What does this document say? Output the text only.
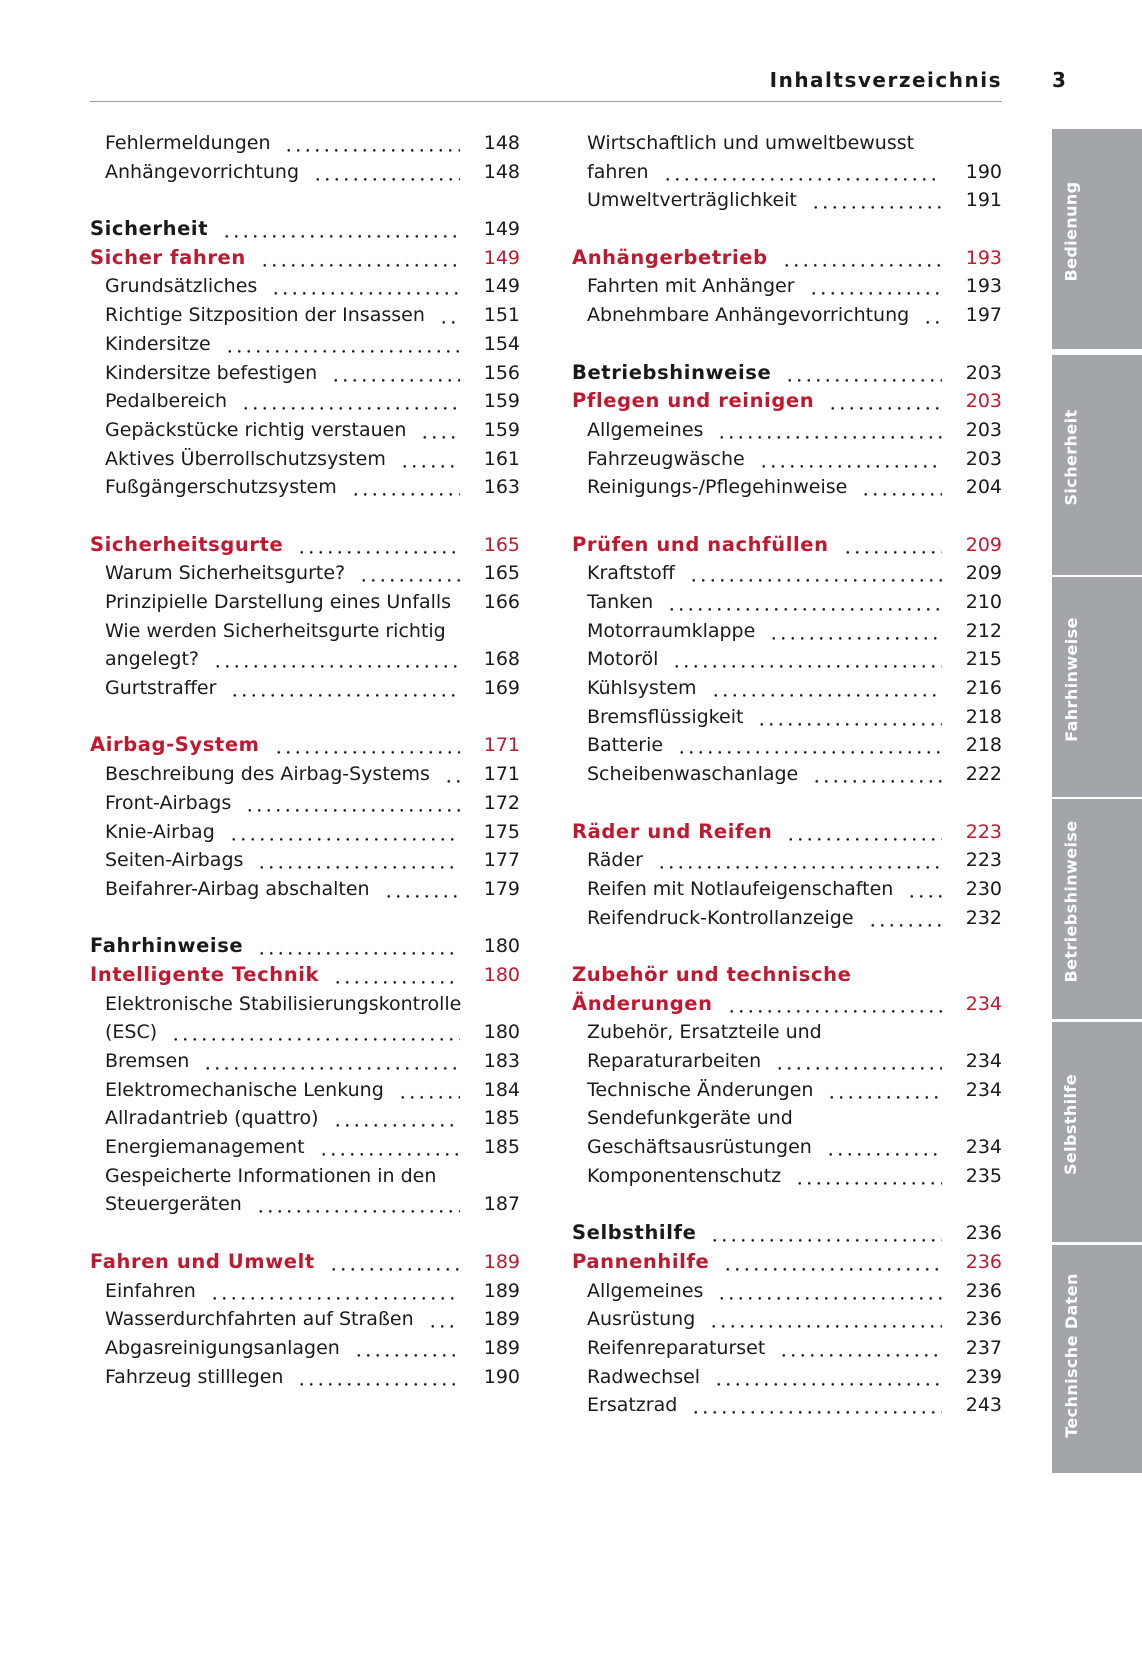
Inhaltsverzeichnis	3
Fehlermeldungen	148
Anhängevorrichtung	148
Sicherheit	149
Sicher fahren	149
Grundsätzliches	149
Richtige Sitzposition der Insassen	151
Kindersitze	154
Kindersitze befestigen	156
Pedalbereich	159
Gepäckstücke richtig verstauen	159
Aktives Überrollschutzsystem	161
Fußgängerschutzsystem	163
Sicherheitsgurte	165
Warum Sicherheitsgurte?	165
Prinzipielle Darstellung eines Unfalls 166
Wie werden Sicherheitsgurte richtig
angelegt?	168
Gurtstraffer	169
Airbag-System	171
Beschreibung des Airbag-Systems	171
Front-Airbags	172
Knie-Airbag	175
Seiten-Airbags	177
Beifahrer-Airbag abschalten	179
Fahrhinweise	180
Intelligente Technik	180
Elektronische Stabilisierungskontrolle
(ESC)	180
Bremsen	183
Elektromechanische Lenkung	184
Allradantrieb (quattro)	185
Energiemanagement	185
Gespeicherte Informationen in den
Steuergeräten	187
Fahren und Umwelt	189
Einfahren	189
Wasserdurchfahrten auf Straßen	189
Abgasreinigungsanlagen	189
Fahrzeug stilllegen	190
Wirtschaftlich und umweltbewusst
fahren	190
Umweltverträglichkeit	191
Anhängerbetrieb	193
Fahrten mit Anhänger	193
Abnehmbare Anhängevorrichtung	197
Betriebshinweise	203
Pflegen und reinigen	203
Allgemeines	203
Fahrzeugwäsche	203
Reinigungs-/Pflegehinweise	204
Prüfen und nachfüllen	209
Kraftstoff	209
Tanken	210
Motorraumklappe	212
Motoröl	215
Kühlsystem	216
Bremsflüssigkeit	218
Batterie	218
Scheibenwaschanlage	222
Räder und Reifen	223
Räder	223
Reifen mit Notlaufeigenschaften	230
Reifendruck-Kontrollanzeige	232
Zubehör und technische
Änderungen	234
Zubehör, Ersatzteile und
Reparaturarbeiten	234
Technische Änderungen	234
Sendefunkgeräte und
Geschäftsausrüstungen	234
Komponentenschutz	235
Selbsthilfe	236
Pannenhilfe	236
Allgemeines	236
Ausrüstung	236
Reifenreparaturset	237
Radwechsel	239
Ersatzrad	243
Bedienung
Sicherheit
Fahrhinweise
Betriebshinweise
Selbsthilfe
Technische Daten
